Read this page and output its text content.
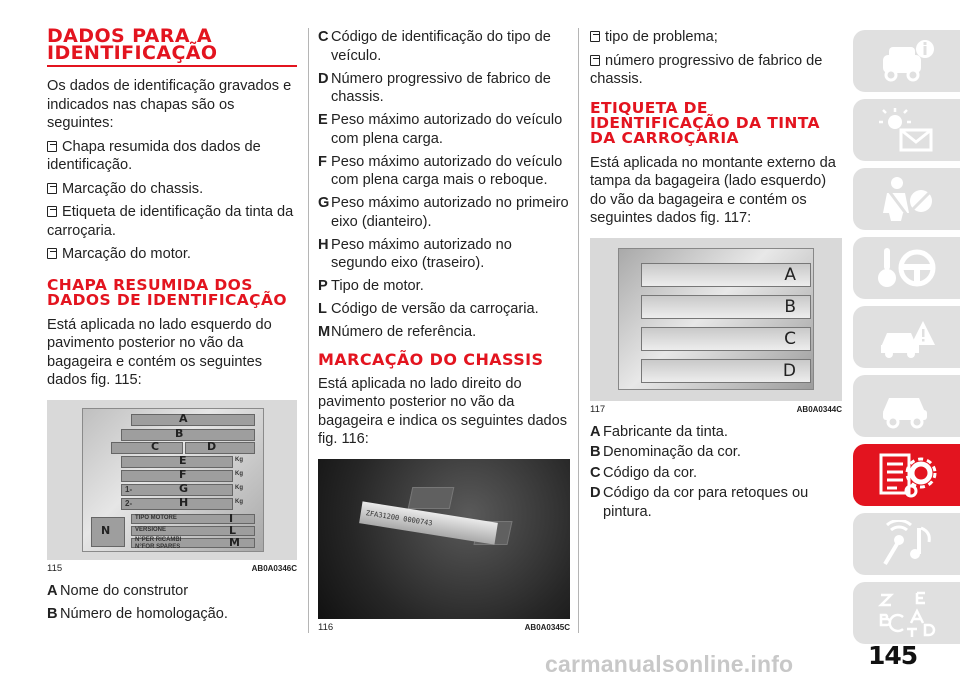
DADOS PARA A IDENTIFICAÇÃO

Os dados de identificação gravados e indicados nas chapas são os seguintes:

Chapa resumida dos dados de identificação.

Marcação do chassis.

Etiqueta de identificação da tinta da carroçaria.

Marcação do motor.

CHAPA RESUMIDA DOS DADOS DE IDENTIFICAÇÃO

Está aplicada no lado esquerdo do pavimento posterior no vão da bagageira e contém os seguintes dados fig. 115:

A
B
C	D
E
F
G
H
I
L
M
N
Kg
Kg
Kg
Kg
1-
2-
TIPO MOTORE
VERSIONE
N°PER RICAMBI
N°FOR SPARES
115	AB0A0346C
A Nome do construtor
B Número de homologação.
C Código de identificação do tipo de veículo.
D Número progressivo de fabrico de chassis.
E Peso máximo autorizado do veículo com plena carga.
F Peso máximo autorizado do veículo com plena carga mais o reboque.
G Peso máximo autorizado no primeiro eixo (dianteiro).
H Peso máximo autorizado no segundo eixo (traseiro).
P Tipo de motor.
L Código de versão da carroçaria.
M Número de referência.
MARCAÇÃO DO CHASSIS

Está aplicada no lado direito do pavimento posterior no vão da bagageira e indica os seguintes dados fig. 116:

ZFA31200 0000743
116	AB0A0345C

tipo de problema;

número progressivo de fabrico de chassis.

ETIQUETA DE IDENTIFICAÇÃO DA TINTA DA CARROÇARIA

Está aplicada no montante externo da tampa da bagageira (lado esquerdo) do vão da bagageira e contém os seguintes dados fig. 117:

A
B
C
D
117	AB0A0344C
A Fabricante da tinta.
B Denominação da cor.
C Código da cor.
D Código da cor para retoques ou pintura.
145
carmanualsonline.info
